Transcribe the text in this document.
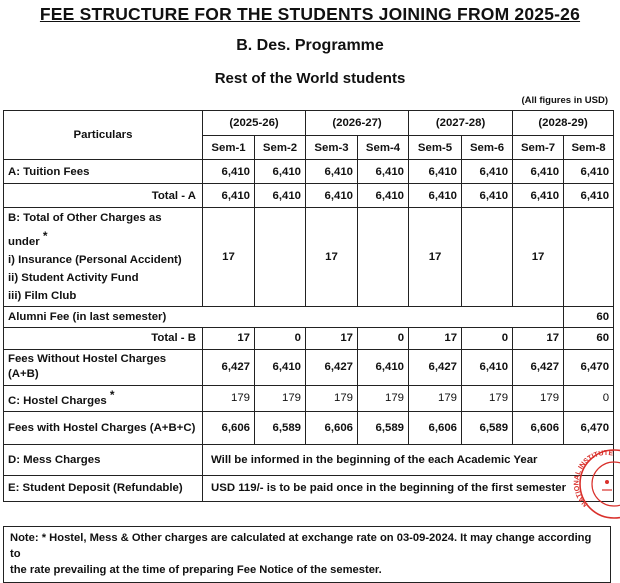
FEE STRUCTURE FOR THE STUDENTS JOINING FROM 2025-26
B. Des. Programme
Rest of the World students
(All figures in USD)
Particulars	(2025-26)		(2026-27)		(2027-28)		(2028-29)	
	Sem-1	Sem-2	Sem-3	Sem-4	Sem-5	Sem-6	Sem-7	Sem-8
A: Tuition Fees	6,410	6,410	6,410	6,410	6,410	6,410	6,410	6,410
Total - A	6,410	6,410	6,410	6,410	6,410	6,410	6,410	6,410

B: Total of Other Charges as
under *
i) Insurance (Personal Accident)
ii) Student Activity Fund
iii) Film Club	17		17		17		17	
Alumni Fee (in last semester)								60
Total - B	17	0	17	0	17	0	17	60

Fees Without Hostel Charges
(A+B)	6,427	6,410	6,427	6,410	6,427	6,410	6,427	6,470
C: Hostel Charges *	179	179	179	179	179	179	179	0
Fees with Hostel Charges (A+B+C)	6,606	6,589	6,606	6,589	6,606	6,589	6,606	6,470
D: Mess Charges	Will be informed in the beginning of the each Academic Year							
E: Student Deposit (Refundable)	USD 119/- is to be paid once in the beginning of the first semester							
NATIONAL INSTITUTE
Note: * Hostel, Mess & Other charges are calculated at exchange rate on 03-09-2024. It may change according to
the rate prevailing at the time of preparing Fee Notice of the semester.
